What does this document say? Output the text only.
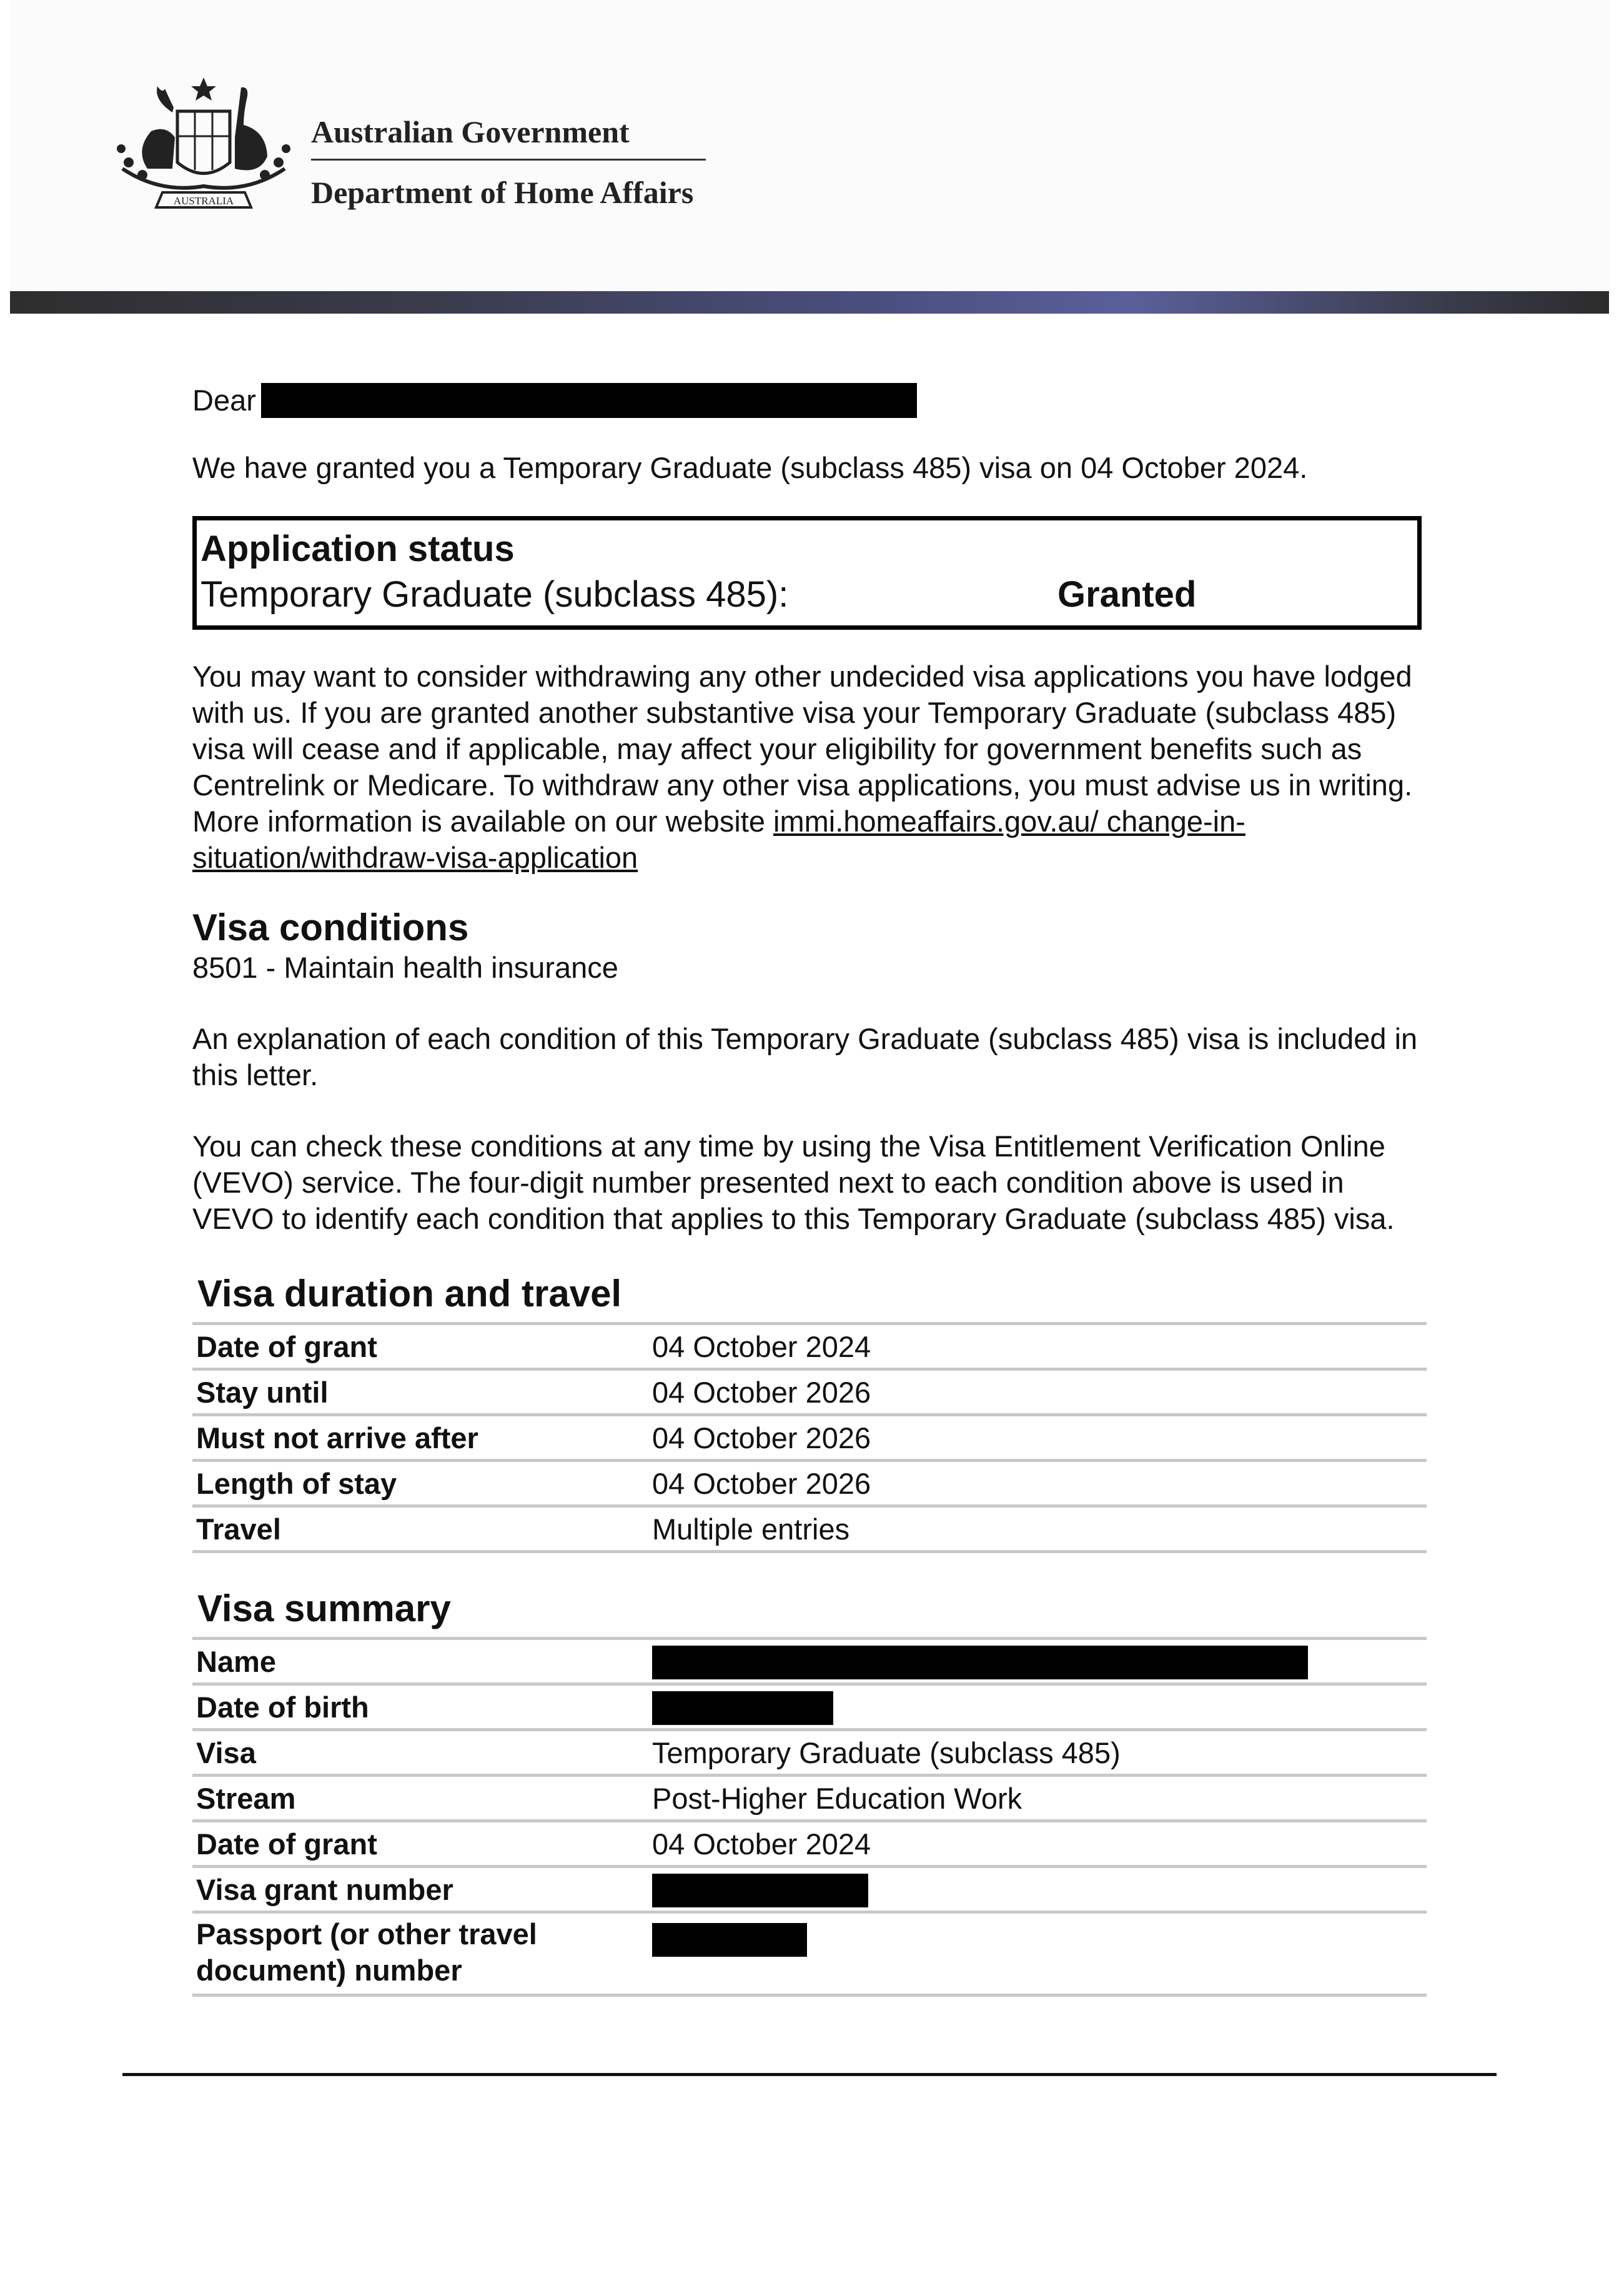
AUSTRALIA
Australian Government
Department of Home Affairs
Dear
We have granted you a Temporary Graduate (subclass 485) visa on 04 October 2024.
Application status
Temporary Graduate (subclass 485):	Granted
You may want to consider withdrawing any other undecided visa applications you have lodged with us. If you are granted another substantive visa your Temporary Graduate (subclass 485) visa will cease and if applicable, may affect your eligibility for government benefits such as Centrelink or Medicare. To withdraw any other visa applications, you must advise us in writing. More information is available on our website immi.homeaffairs.gov.au/ change-in-situation/withdraw-visa-application
Visa conditions
8501 - Maintain health insurance
An explanation of each condition of this Temporary Graduate (subclass 485) visa is included in this letter.
You can check these conditions at any time by using the Visa Entitlement Verification Online (VEVO) service. The four-digit number presented next to each condition above is used in VEVO to identify each condition that applies to this Temporary Graduate (subclass 485) visa.
Visa duration and travel
Date of grant	04 October 2024
Stay until	04 October 2026
Must not arrive after	04 October 2026
Length of stay	04 October 2026
Travel	Multiple entries
Visa summary
Name	
Date of birth	
Visa	Temporary Graduate (subclass 485)
Stream	Post-Higher Education Work
Date of grant	04 October 2024
Visa grant number	
Passport (or other travel document) number	
